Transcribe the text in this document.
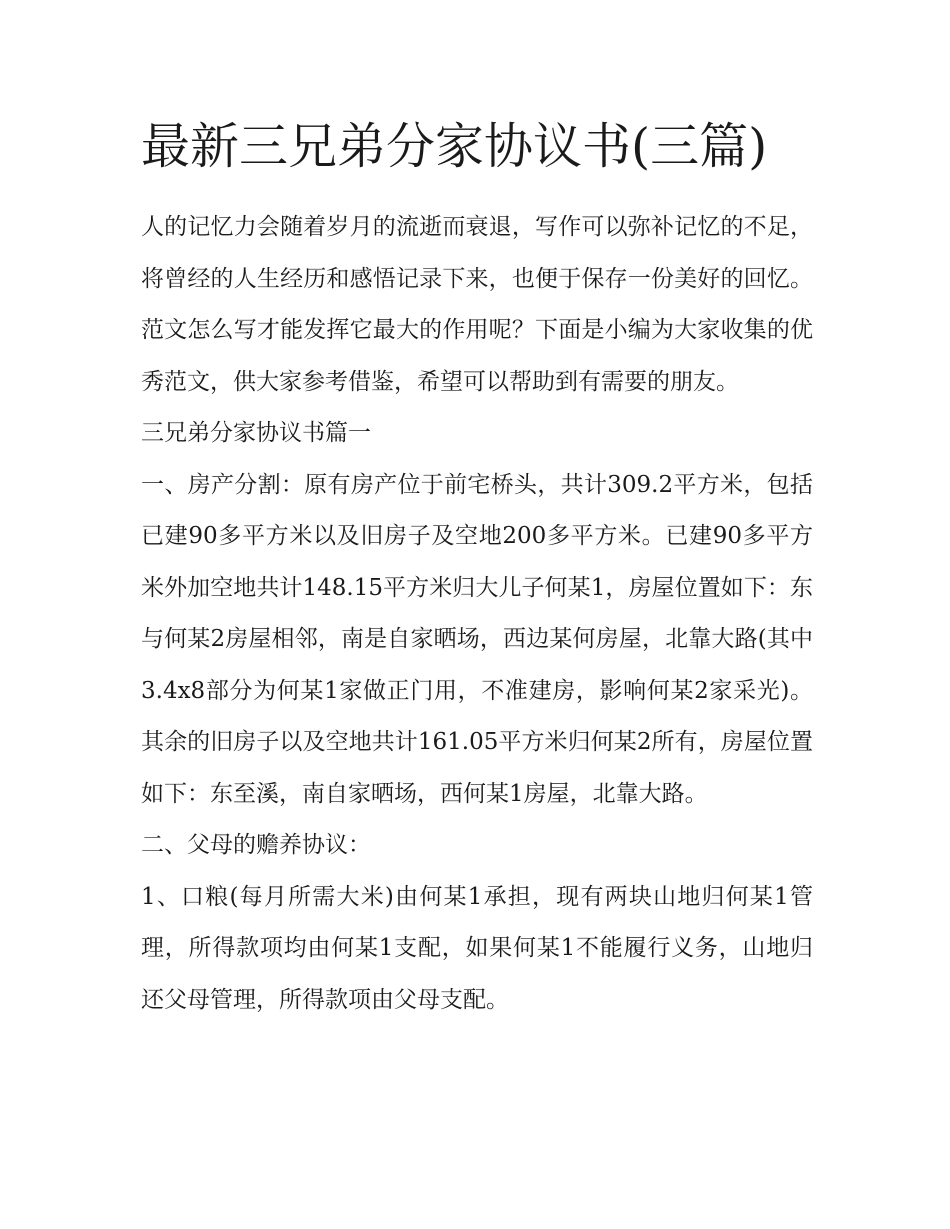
最新三兄弟分家协议书(三篇)

人的记忆力会随着岁月的流逝而衰退，写作可以弥补记忆的不足，将曾经的人生经历和感悟记录下来，也便于保存一份美好的回忆。范文怎么写才能发挥它最大的作用呢？下面是小编为大家收集的优秀范文，供大家参考借鉴，希望可以帮助到有需要的朋友。

三兄弟分家协议书篇一

一、房产分割：原有房产位于前宅桥头，共计309.2平方米，包括已建90多平方米以及旧房子及空地200多平方米。已建90多平方米外加空地共计148.15平方米归大儿子何某1，房屋位置如下：东与何某2房屋相邻，南是自家晒场，西边某何房屋，北靠大路(其中3.4x8部分为何某1家做正门用，不准建房，影响何某2家采光)。其余的旧房子以及空地共计161.05平方米归何某2所有，房屋位置如下：东至溪，南自家晒场，西何某1房屋，北靠大路。

二、父母的赡养协议：

1、口粮(每月所需大米)由何某1承担，现有两块山地归何某1管理，所得款项均由何某1支配，如果何某1不能履行义务，山地归还父母管理，所得款项由父母支配。
